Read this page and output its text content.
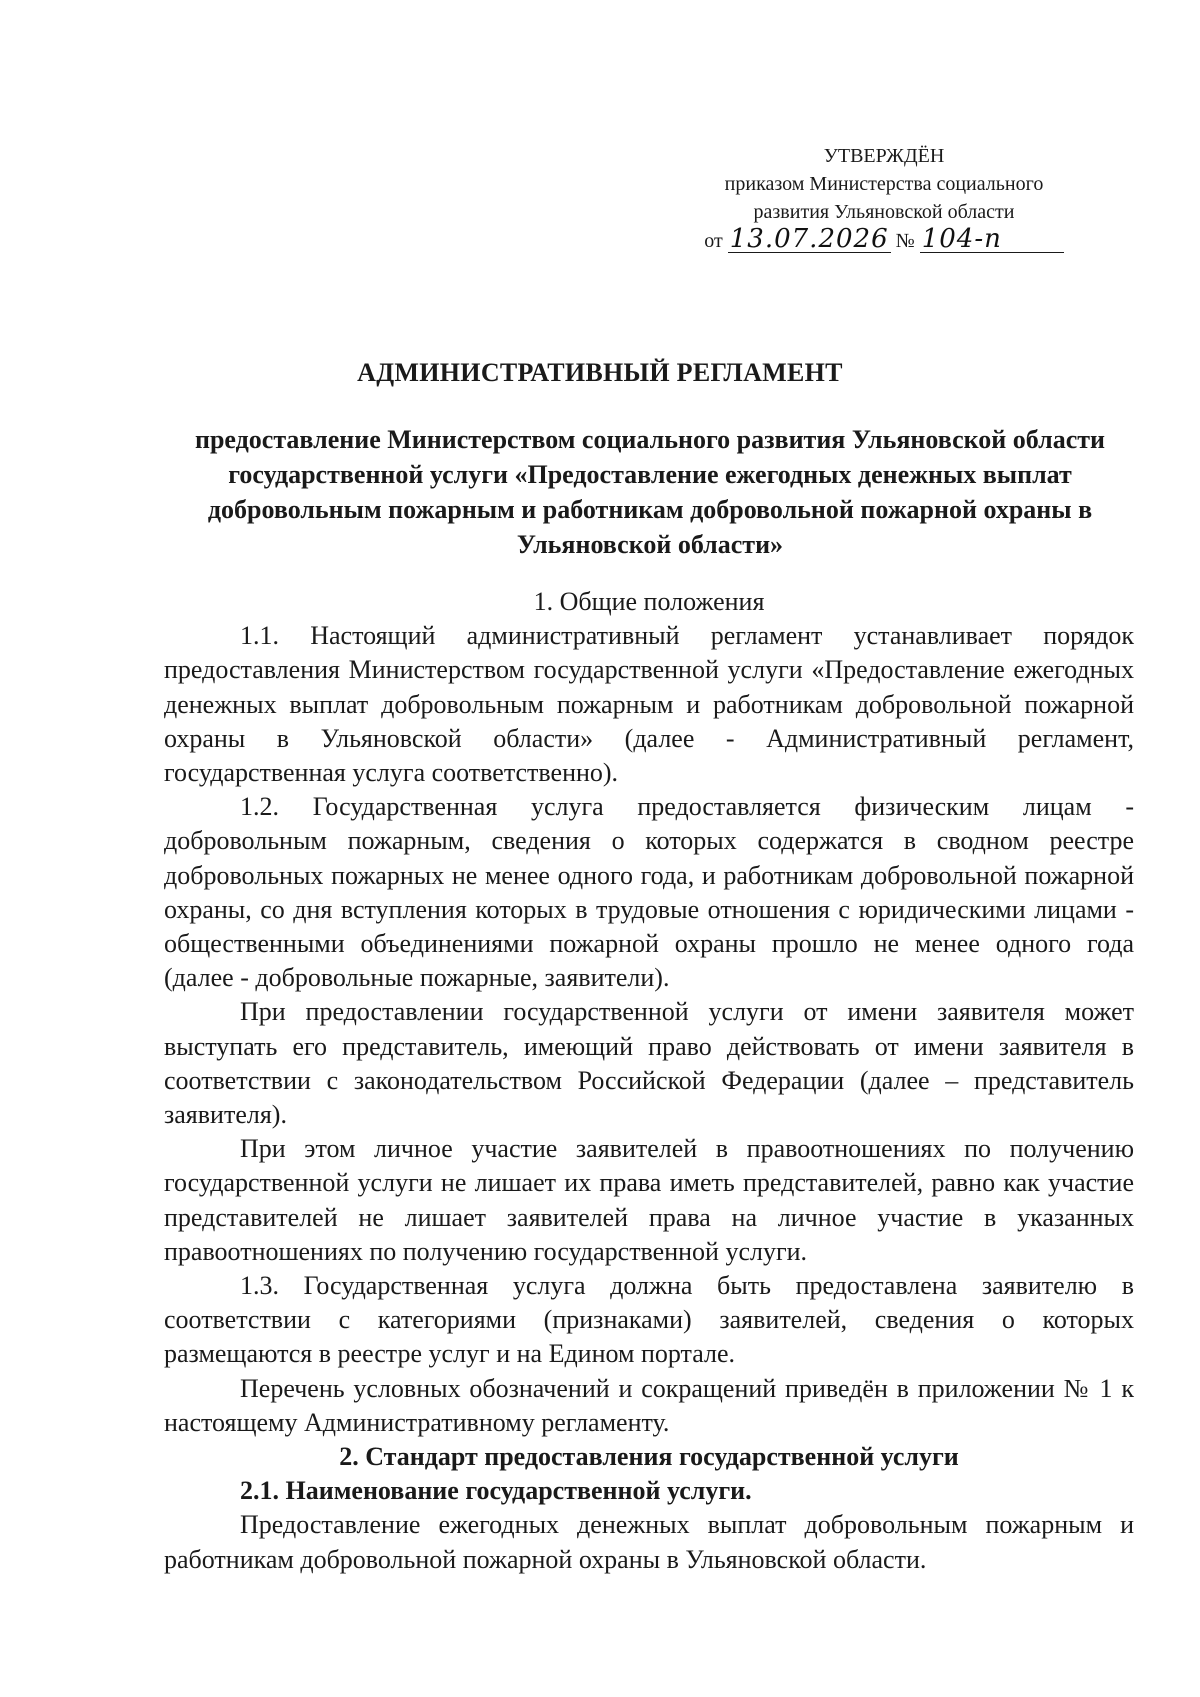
УТВЕРЖДЁН
приказом Министерства социального
развития Ульяновской области
от 13.07.2026 № 104-п
АДМИНИСТРАТИВНЫЙ РЕГЛАМЕНТ
предоставление Министерством социального развития Ульяновской области государственной услуги «Предоставление ежегодных денежных выплат добровольным пожарным и работникам добровольной пожарной охраны в Ульяновской области»

1. Общие положения

1.1. Настоящий административный регламент устанавливает порядок предоставления Министерством государственной услуги «Предоставление ежегодных денежных выплат добровольным пожарным и работникам добровольной пожарной охраны в Ульяновской области» (далее - Административный регламент, государственная услуга соответственно).

1.2. Государственная услуга предоставляется физическим лицам - добровольным пожарным, сведения о которых содержатся в сводном реестре добровольных пожарных не менее одного года, и работникам добровольной пожарной охраны, со дня вступления которых в трудовые отношения с юридическими лицами - общественными объединениями пожарной охраны прошло не менее одного года (далее - добровольные пожарные, заявители).

При предоставлении государственной услуги от имени заявителя может выступать его представитель, имеющий право действовать от имени заявителя в соответствии с законодательством Российской Федерации (далее – представитель заявителя).

При этом личное участие заявителей в правоотношениях по получению государственной услуги не лишает их права иметь представителей, равно как участие представителей не лишает заявителей права на личное участие в указанных правоотношениях по получению государственной услуги.

1.3. Государственная услуга должна быть предоставлена заявителю в соответствии с категориями (признаками) заявителей, сведения о которых размещаются в реестре услуг и на Едином портале.

Перечень условных обозначений и сокращений приведён в приложении № 1 к настоящему Административному регламенту.

2. Стандарт предоставления государственной услуги

2.1. Наименование государственной услуги.

Предоставление ежегодных денежных выплат добровольным пожарным и работникам добровольной пожарной охраны в Ульяновской области.
